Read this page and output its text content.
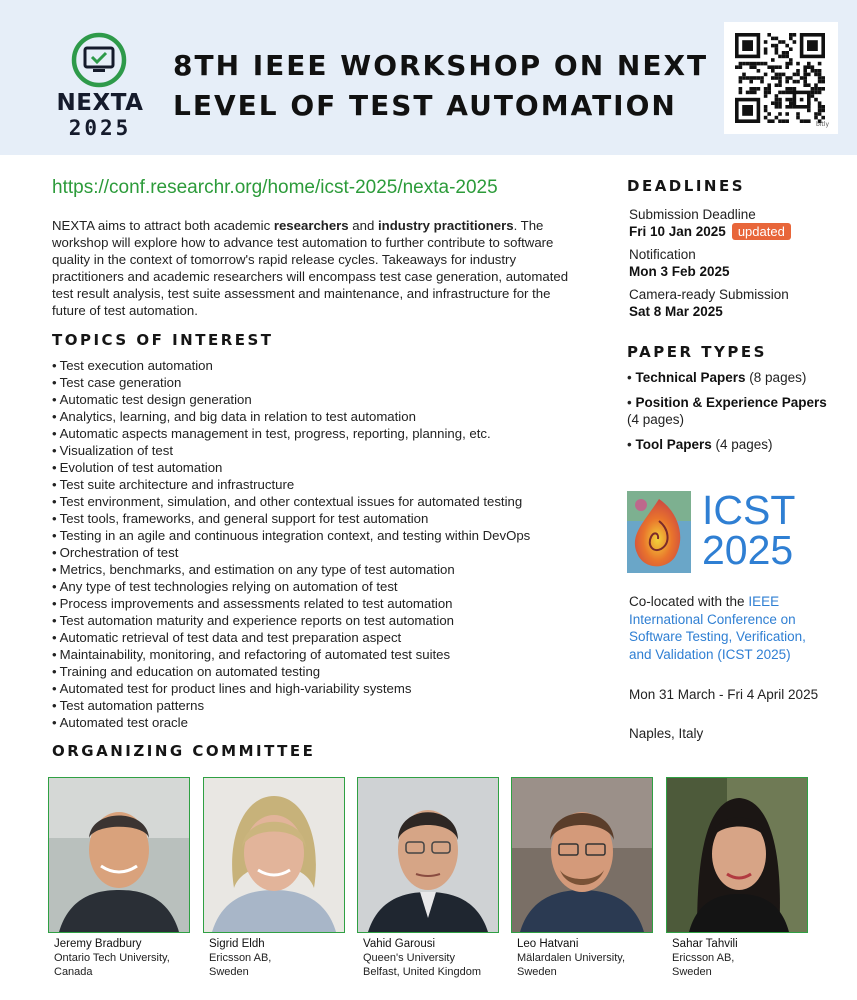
NEXTA
2025
8TH IEEE WORKSHOP ON NEXT
LEVEL OF TEST AUTOMATION
bitly
https://conf.researchr.org/home/icst-2025/nexta-2025

NEXTA aims to attract both academic researchers and industry practitioners. The workshop will explore how to advance test automation to further contribute to software quality in the context of tomorrow's rapid release cycles. Takeaways for industry practitioners and academic researchers will encompass test case generation, automated test result analysis, test suite assessment and maintenance, and infrastructure for the future of test automation.

TOPICS OF INTEREST
• Test execution automation
• Test case generation
• Automatic test design generation
• Analytics, learning, and big data in relation to test automation
• Automatic aspects management in test, progress, reporting, planning, etc.
• Visualization of test
• Evolution of test automation
• Test suite architecture and infrastructure
• Test environment, simulation, and other contextual issues for automated testing
• Test tools, frameworks, and general support for test automation
• Testing in an agile and continuous integration context, and testing within DevOps
• Orchestration of test
• Metrics, benchmarks, and estimation on any type of test automation
• Any type of test technologies relying on automation of test
• Process improvements and assessments related to test automation
• Test automation maturity and experience reports on test automation
• Automatic retrieval of test data and test preparation aspect
• Maintainability, monitoring, and refactoring of automated test suites
• Training and education on automated testing
• Automated test for product lines and high-variability systems
• Test automation patterns
• Automated test oracle
ORGANIZING COMMITTEE
DEADLINES
Submission Deadline
Fri 10 Jan 2025 updated
Notification
Mon 3 Feb 2025
Camera-ready Submission
Sat 8 Mar 2025
PAPER TYPES
• Technical Papers (8 pages)
• Position & Experience Papers (4 pages)
• Tool Papers (4 pages)
ICST
2025

Co-located with the IEEE International Conference on Software Testing, Verification, and Validation (ICST 2025)

Mon 31 March - Fri 4 April 2025

Naples, Italy

Jeremy Bradbury
Ontario Tech University,
Canada
Sigrid Eldh
Ericsson AB,
Sweden
Vahid Garousi
Queen's University
Belfast, United Kingdom
Leo Hatvani
Mälardalen University,
Sweden
Sahar Tahvili
Ericsson AB,
Sweden
